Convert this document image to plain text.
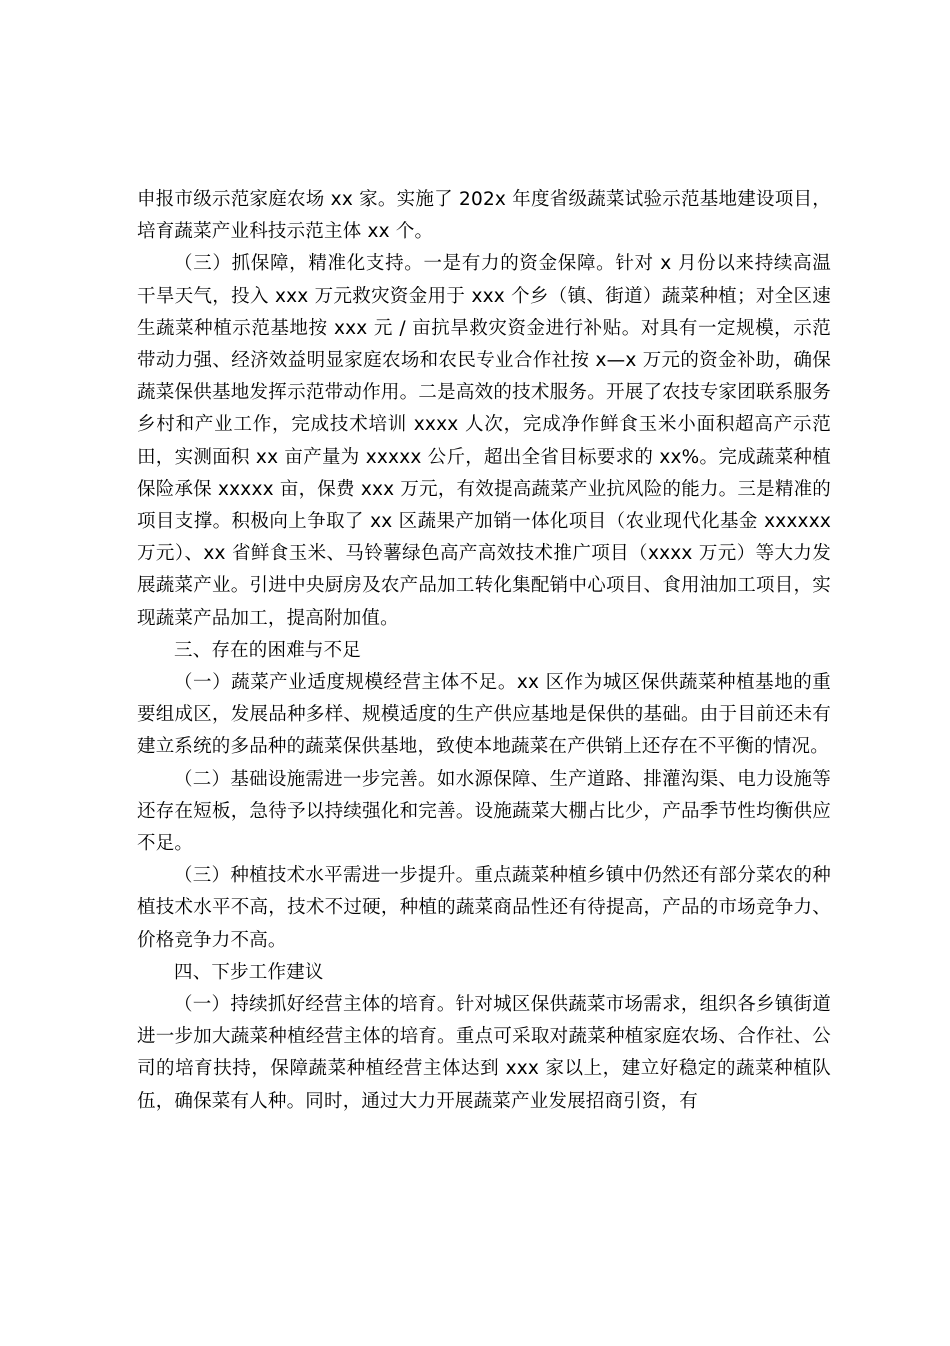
申报市级示范家庭农场 xx 家。实施了 202x 年度省级蔬菜试验示范基地建设项目，培育蔬菜产业科技示范主体 xx 个。

（三）抓保障，精准化支持。一是有力的资金保障。针对 x 月份以来持续高温干旱天气，投入 xxx 万元救灾资金用于 xxx 个乡（镇、街道）蔬菜种植；对全区速生蔬菜种植示范基地按 xxx 元 / 亩抗旱救灾资金进行补贴。对具有一定规模，示范带动力强、经济效益明显家庭农场和农民专业合作社按 x—x 万元的资金补助，确保蔬菜保供基地发挥示范带动作用。二是高效的技术服务。开展了农技专家团联系服务乡村和产业工作，完成技术培训 xxxx 人次，完成净作鲜食玉米小面积超高产示范田，实测面积 xx 亩产量为 xxxxx 公斤，超出全省目标要求的 xx%。完成蔬菜种植保险承保 xxxxx 亩，保费 xxx 万元，有效提高蔬菜产业抗风险的能力。三是精准的项目支撑。积极向上争取了 xx 区蔬果产加销一体化项目（农业现代化基金 xxxxxx 万元）、xx 省鲜食玉米、马铃薯绿色高产高效技术推广项目（xxxx 万元）等大力发展蔬菜产业。引进中央厨房及农产品加工转化集配销中心项目、食用油加工项目，实现蔬菜产品加工，提高附加值。

三、存在的困难与不足

（一）蔬菜产业适度规模经营主体不足。xx 区作为城区保供蔬菜种植基地的重要组成区，发展品种多样、规模适度的生产供应基地是保供的基础。由于目前还未有建立系统的多品种的蔬菜保供基地，致使本地蔬菜在产供销上还存在不平衡的情况。

（二）基础设施需进一步完善。如水源保障、生产道路、排灌沟渠、电力设施等还存在短板，急待予以持续强化和完善。设施蔬菜大棚占比少，产品季节性均衡供应不足。

（三）种植技术水平需进一步提升。重点蔬菜种植乡镇中仍然还有部分菜农的种植技术水平不高，技术不过硬，种植的蔬菜商品性还有待提高，产品的市场竞争力、价格竞争力不高。

四、下步工作建议

（一）持续抓好经营主体的培育。针对城区保供蔬菜市场需求，组织各乡镇街道进一步加大蔬菜种植经营主体的培育。重点可采取对蔬菜种植家庭农场、合作社、公司的培育扶持，保障蔬菜种植经营主体达到 xxx 家以上，建立好稳定的蔬菜种植队伍，确保菜有人种。同时，通过大力开展蔬菜产业发展招商引资，有
